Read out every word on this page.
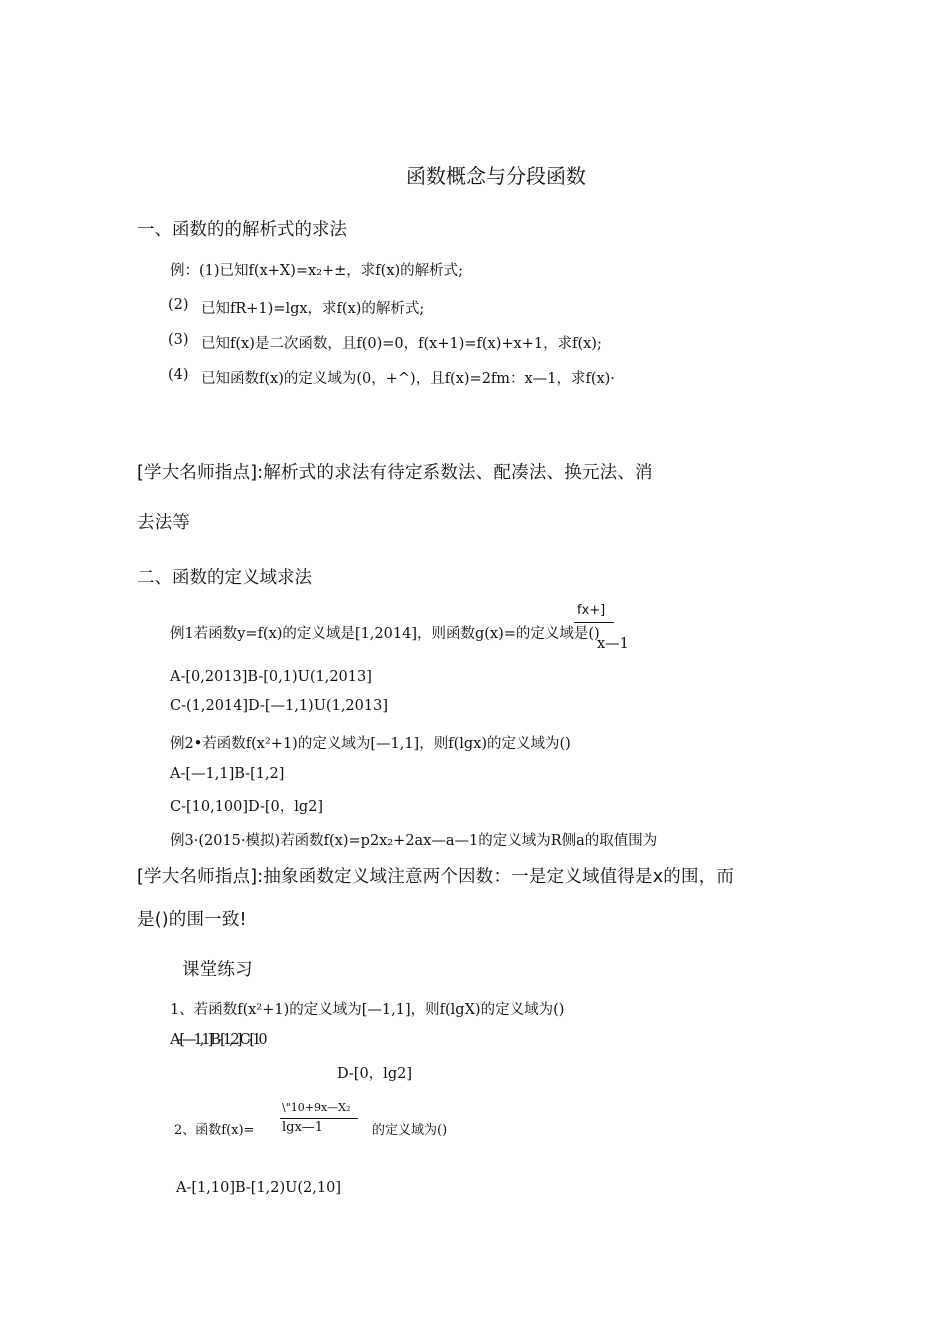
函数概念与分段函数
一、函数的的解析式的求法
例：(1)已知f(x+X)=x₂+±，求f(x)的解析式;
(2) 已知fR+1)=lgx，求f(x)的解析式;
(3) 已知f(x)是二次函数，且f(0)=0，f(x+1)=f(x)+x+1，求f(x);
(4) 已知函数f(x)的定义域为(0，+^)，且f(x)=2fm：x—1，求f(x)·
[学大名师指点]:解析式的求法有待定系数法、配凑法、换元法、消
去法等
二、函数的定义域求法
fx+]
例1若函数y=f(x)的定义域是[1,2014]，则函数g(x)=的定义域是()
x—1
A-[0,2013]B-[0,1)U(1,2013]
C-(1,2014]D-[—1,1)U(1,2013]
例2•若函数f(x²+1)的定义域为[—1,1]，则f(lgx)的定义域为()
A-[—1,1]B-[1,2]
C-[10,100]D-[0，lg2]
例3·(2015·模拟)若函数f(x)=p2x₂+2ax—a—1的定义域为R侧a的取值围为
[学大名师指点]:抽象函数定义域注意两个因数：一是定义域值得是x的围，而
是()的围一致!
课堂练习
1、若函数f(x²+1)的定义域为[—1,1]，则f(lgX)的定义域为()
A-[—1,1]B-[1,2]C-[10
D-[0，lg2]
\"10+9x—X₂
2、函数f(x)= lgx—1	的定义域为()
A-[1,10]B-[1,2)U(2,10]
